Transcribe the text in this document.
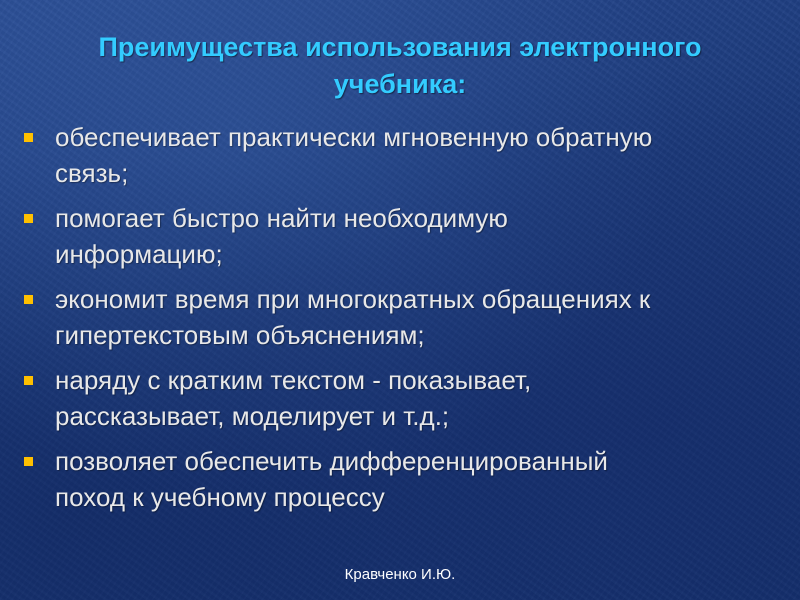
Преимущества использования электронного
учебника:
обеспечивает практически мгновенную обратную
связь;
помогает быстро найти необходимую
информацию;
экономит время при многократных обращениях к
гипертекстовым объяснениям;
наряду с кратким текстом - показывает,
рассказывает, моделирует и т.д.;
позволяет обеспечить дифференцированный
поход к учебному процессу
Кравченко И.Ю.
